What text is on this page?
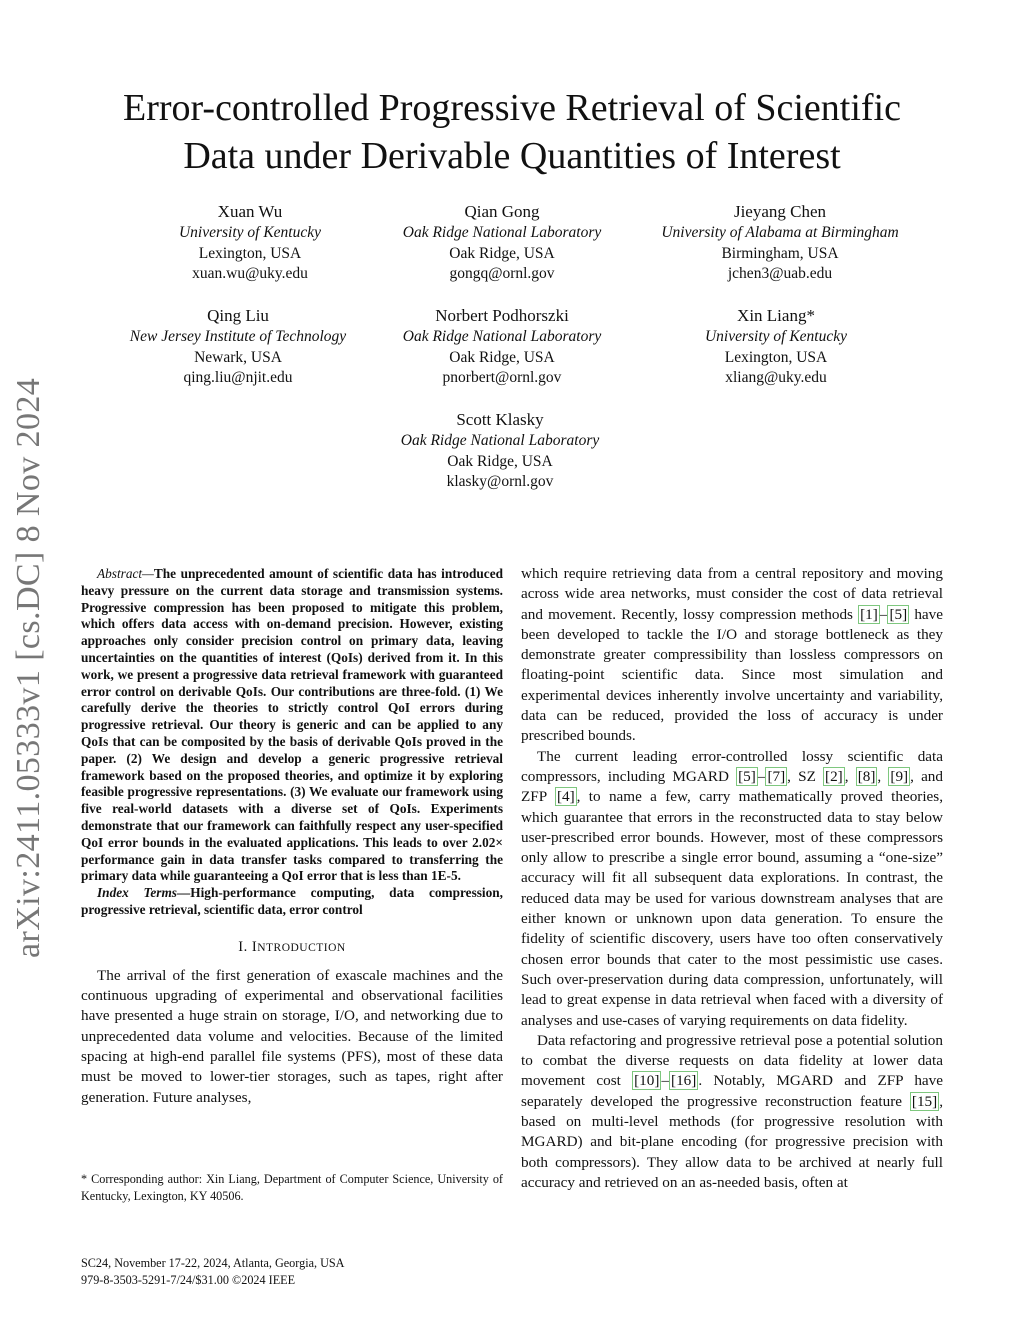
arXiv:2411.05333v1 [cs.DC] 8 Nov 2024
Error-controlled Progressive Retrieval of Scientific
Data under Derivable Quantities of Interest
Xuan Wu
University of Kentucky
Lexington, USA
xuan.wu@uky.edu
Qian Gong
Oak Ridge National Laboratory
Oak Ridge, USA
gongq@ornl.gov
Jieyang Chen
University of Alabama at Birmingham
Birmingham, USA
jchen3@uab.edu
Qing Liu
New Jersey Institute of Technology
Newark, USA
qing.liu@njit.edu
Norbert Podhorszki
Oak Ridge National Laboratory
Oak Ridge, USA
pnorbert@ornl.gov
Xin Liang*
University of Kentucky
Lexington, USA
xliang@uky.edu
Scott Klasky
Oak Ridge National Laboratory
Oak Ridge, USA
klasky@ornl.gov

Abstract—The unprecedented amount of scientific data has introduced heavy pressure on the current data storage and transmission systems. Progressive compression has been proposed to mitigate this problem, which offers data access with on-demand precision. However, existing approaches only consider precision control on primary data, leaving uncertainties on the quantities of interest (QoIs) derived from it. In this work, we present a progressive data retrieval framework with guaranteed error control on derivable QoIs. Our contributions are three-fold. (1) We carefully derive the theories to strictly control QoI errors during progressive retrieval. Our theory is generic and can be applied to any QoIs that can be composited by the basis of derivable QoIs proved in the paper. (2) We design and develop a generic progressive retrieval framework based on the proposed theories, and optimize it by exploring feasible progressive representations. (3) We evaluate our framework using five real-world datasets with a diverse set of QoIs. Experiments demonstrate that our framework can faithfully respect any user-specified QoI error bounds in the evaluated applications. This leads to over 2.02× performance gain in data transfer tasks compared to transferring the primary data while guaranteeing a QoI error that is less than 1E-5.

Index Terms—High-performance computing, data compression, progressive retrieval, scientific data, error control

I. INTRODUCTION

The arrival of the first generation of exascale machines and the continuous upgrading of experimental and observational facilities have presented a huge strain on storage, I/O, and networking due to unprecedented data volume and velocities. Because of the limited spacing at high-end parallel file systems (PFS), most of these data must be moved to lower-tier storages, such as tapes, right after generation. Future analyses,

* Corresponding author: Xin Liang, Department of Computer Science, University of Kentucky, Lexington, KY 40506.
SC24, November 17-22, 2024, Atlanta, Georgia, USA
979-8-3503-5291-7/24/$31.00 ©2024 IEEE

which require retrieving data from a central repository and moving across wide area networks, must consider the cost of data retrieval and movement. Recently, lossy compression methods [1] – [5] have been developed to tackle the I/O and storage bottleneck as they demonstrate greater compressibility than lossless compressors on floating-point scientific data. Since most simulation and experimental devices inherently involve uncertainty and variability, data can be reduced, provided the loss of accuracy is under prescribed bounds.

The current leading error-controlled lossy scientific data compressors, including MGARD [5] – [7] , SZ [2] , [8] , [9] , and ZFP [4] , to name a few, carry mathematically proved theories, which guarantee that errors in the reconstructed data to stay below user-prescribed error bounds. However, most of these compressors only allow to prescribe a single error bound, assuming a “one-size” accuracy will fit all subsequent data explorations. In contrast, the reduced data may be used for various downstream analyses that are either known or unknown upon data generation. To ensure the fidelity of scientific discovery, users have too often conservatively chosen error bounds that cater to the most pessimistic use cases. Such over-preservation during data compression, unfortunately, will lead to great expense in data retrieval when faced with a diversity of analyses and use-cases of varying requirements on data fidelity.

Data refactoring and progressive retrieval pose a potential solution to combat the diverse requests on data fidelity at lower data movement cost [10] – [16] . Notably, MGARD and ZFP have separately developed the progressive reconstruction feature [15] , based on multi-level methods (for progressive resolution with MGARD) and bit-plane encoding (for progressive precision with both compressors). They allow data to be archived at nearly full accuracy and retrieved on an as-needed basis, often at
